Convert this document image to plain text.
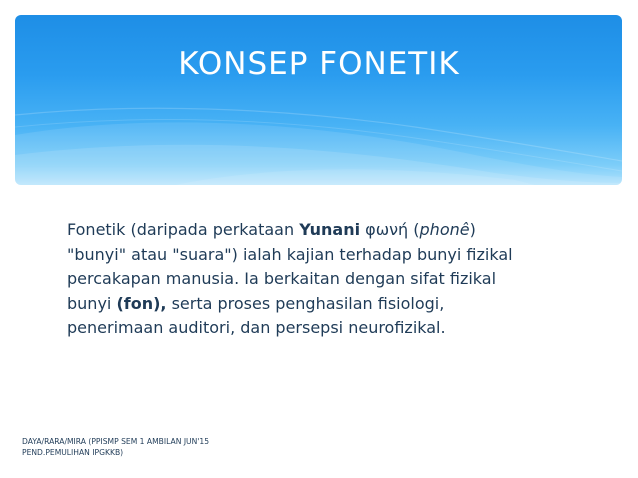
KONSEP FONETIK
Fonetik (daripada perkataan Yunani φωνή (phonê)
"bunyi" atau "suara") ialah kajian terhadap bunyi fizikal
percakapan manusia. Ia berkaitan dengan sifat fizikal
bunyi (fon), serta proses penghasilan fisiologi,
penerimaan auditori, dan persepsi neurofizikal.
DAYA/RARA/MIRA (PPISMP SEM 1 AMBILAN JUN'15
PEND.PEMULIHAN IPGKKB)
